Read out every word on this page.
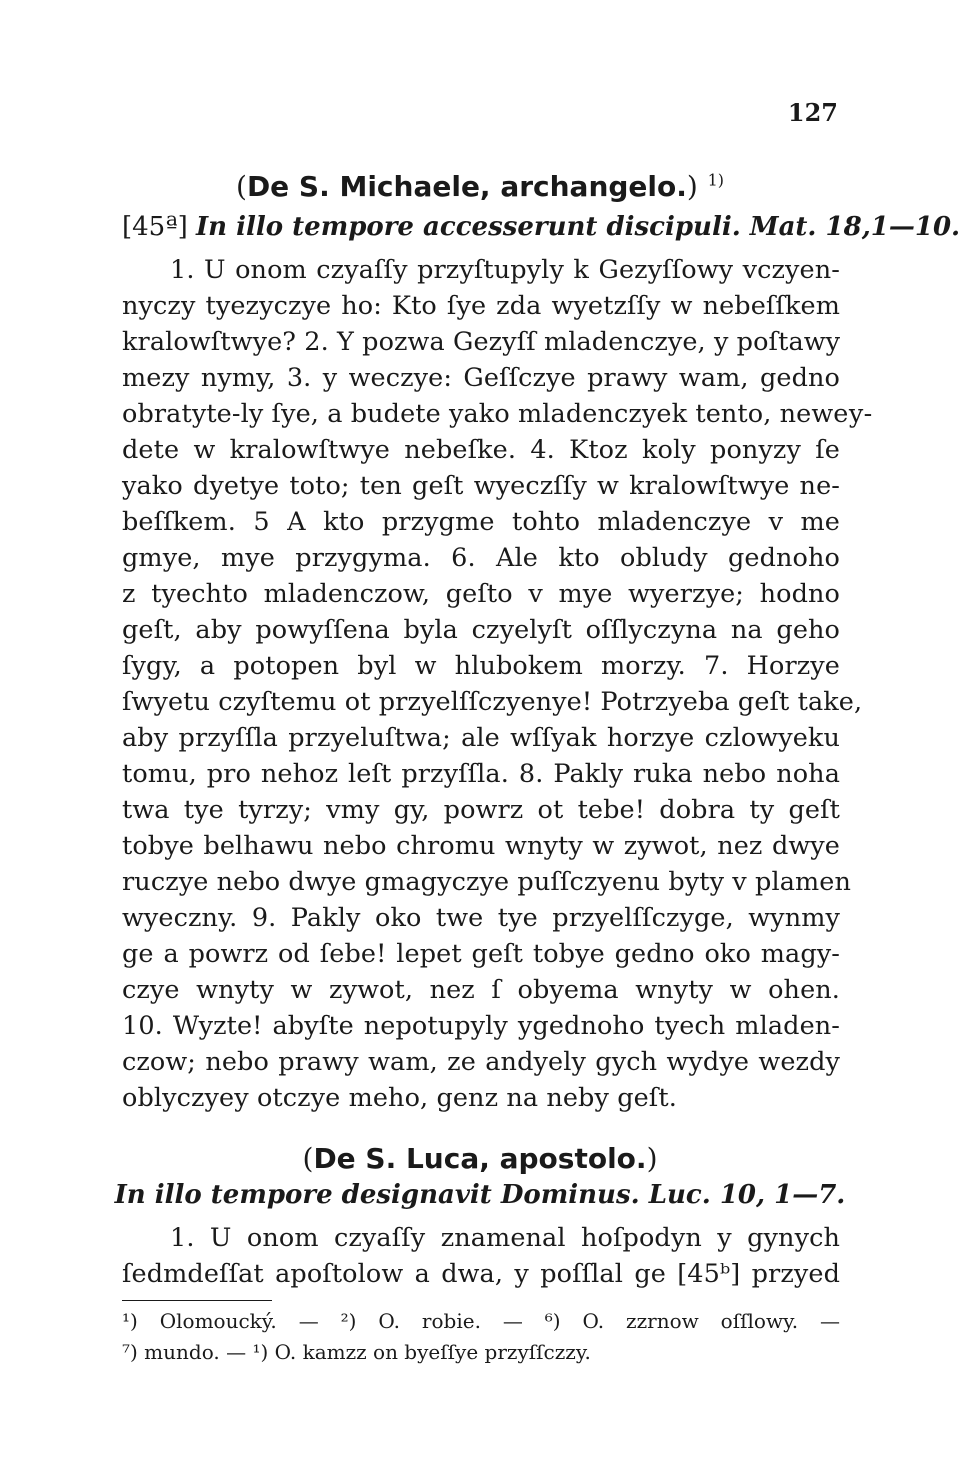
127
(De S. Michaele, archangelo.) $^{1)}$
[45ª] In illo tempore accesserunt discipuli. Mat. 18,1—10.
1. U onom czyaſſy przyſtupyly k Gezyſſowy vczyen-
nyczy tyezyczye ho: Kto ſye zda wyetzſſy w nebeſſkem
kralowſtwye? 2. Y pozwa Gezyſſ mladenczye, y poſtawy
mezy nymy, 3. y weczye: Geſſczye prawy wam, gedno
obratyte-ly ſye, a budete yako mladenczyek tento, neweу-
dete w kralowſtwye nebeſke. 4. Ktoz koly ponyzy ſe
yako dyetye toto; ten geſt wyeczſſy w kralowſtwye ne-
beſſkem. 5 A kto przygme tohto mladenczye v me
gmye, mye przygyma. 6. Ale kto obludy gednoho
z tyechto mladenczow, geſto v mye wyerzye; hodno
geſt, aby powyſſena byla czyelyſt oſſlyczyna na geho
ſygy, a potopen byl w hlubokem morzy. 7. Horzye
ſwyetu czyſtemu ot przyelſſczyenye! Potrzyeba geſt take,
aby przyſſla przyeluſtwa; ale wſſyak horzye czlowyeku
tomu, pro nehoz leſt przyſſla. 8. Pakly ruka nebo noha
twa tye tyrzy; vmy gy, powrz ot tebe! dobra ty geſt
tobye belhawu nebo chromu wnyty w zywot, nez dwye
ruczye nebo dwye gmagyczye puſſczyenu byty v plamen
wyeczny. 9. Pakly oko twe tye przyelſſczyge, wynmy
ge a powrz od ſebe! lepet geſt tobye gedno oko magy-
czye wnyty w zywot, nez ſ obyema wnyty w ohen.
10. Wyzte! abyſte nepotupyly ygednoho tyech mladen-
czow; nebo prawy wam, ze andyely gych wydye wezdy
oblyczyey otczye meho, genz na neby geſt.
(De S. Luca, apostolo.)
In illo tempore designavit Dominus. Luc. 10, 1—7.
1. U onom czyaſſy znamenal hoſpodyn y gynych
ſedmdeſſat apoſtolow a dwa, y poſſlal ge [45ᵇ] przyed
¹) Olomoucký. — ²) O. robie. — ⁶) O. zzrnow oſſlowy. —
⁷) mundo. — ¹) O. kamzz on byeſſye przyſſczzy.
